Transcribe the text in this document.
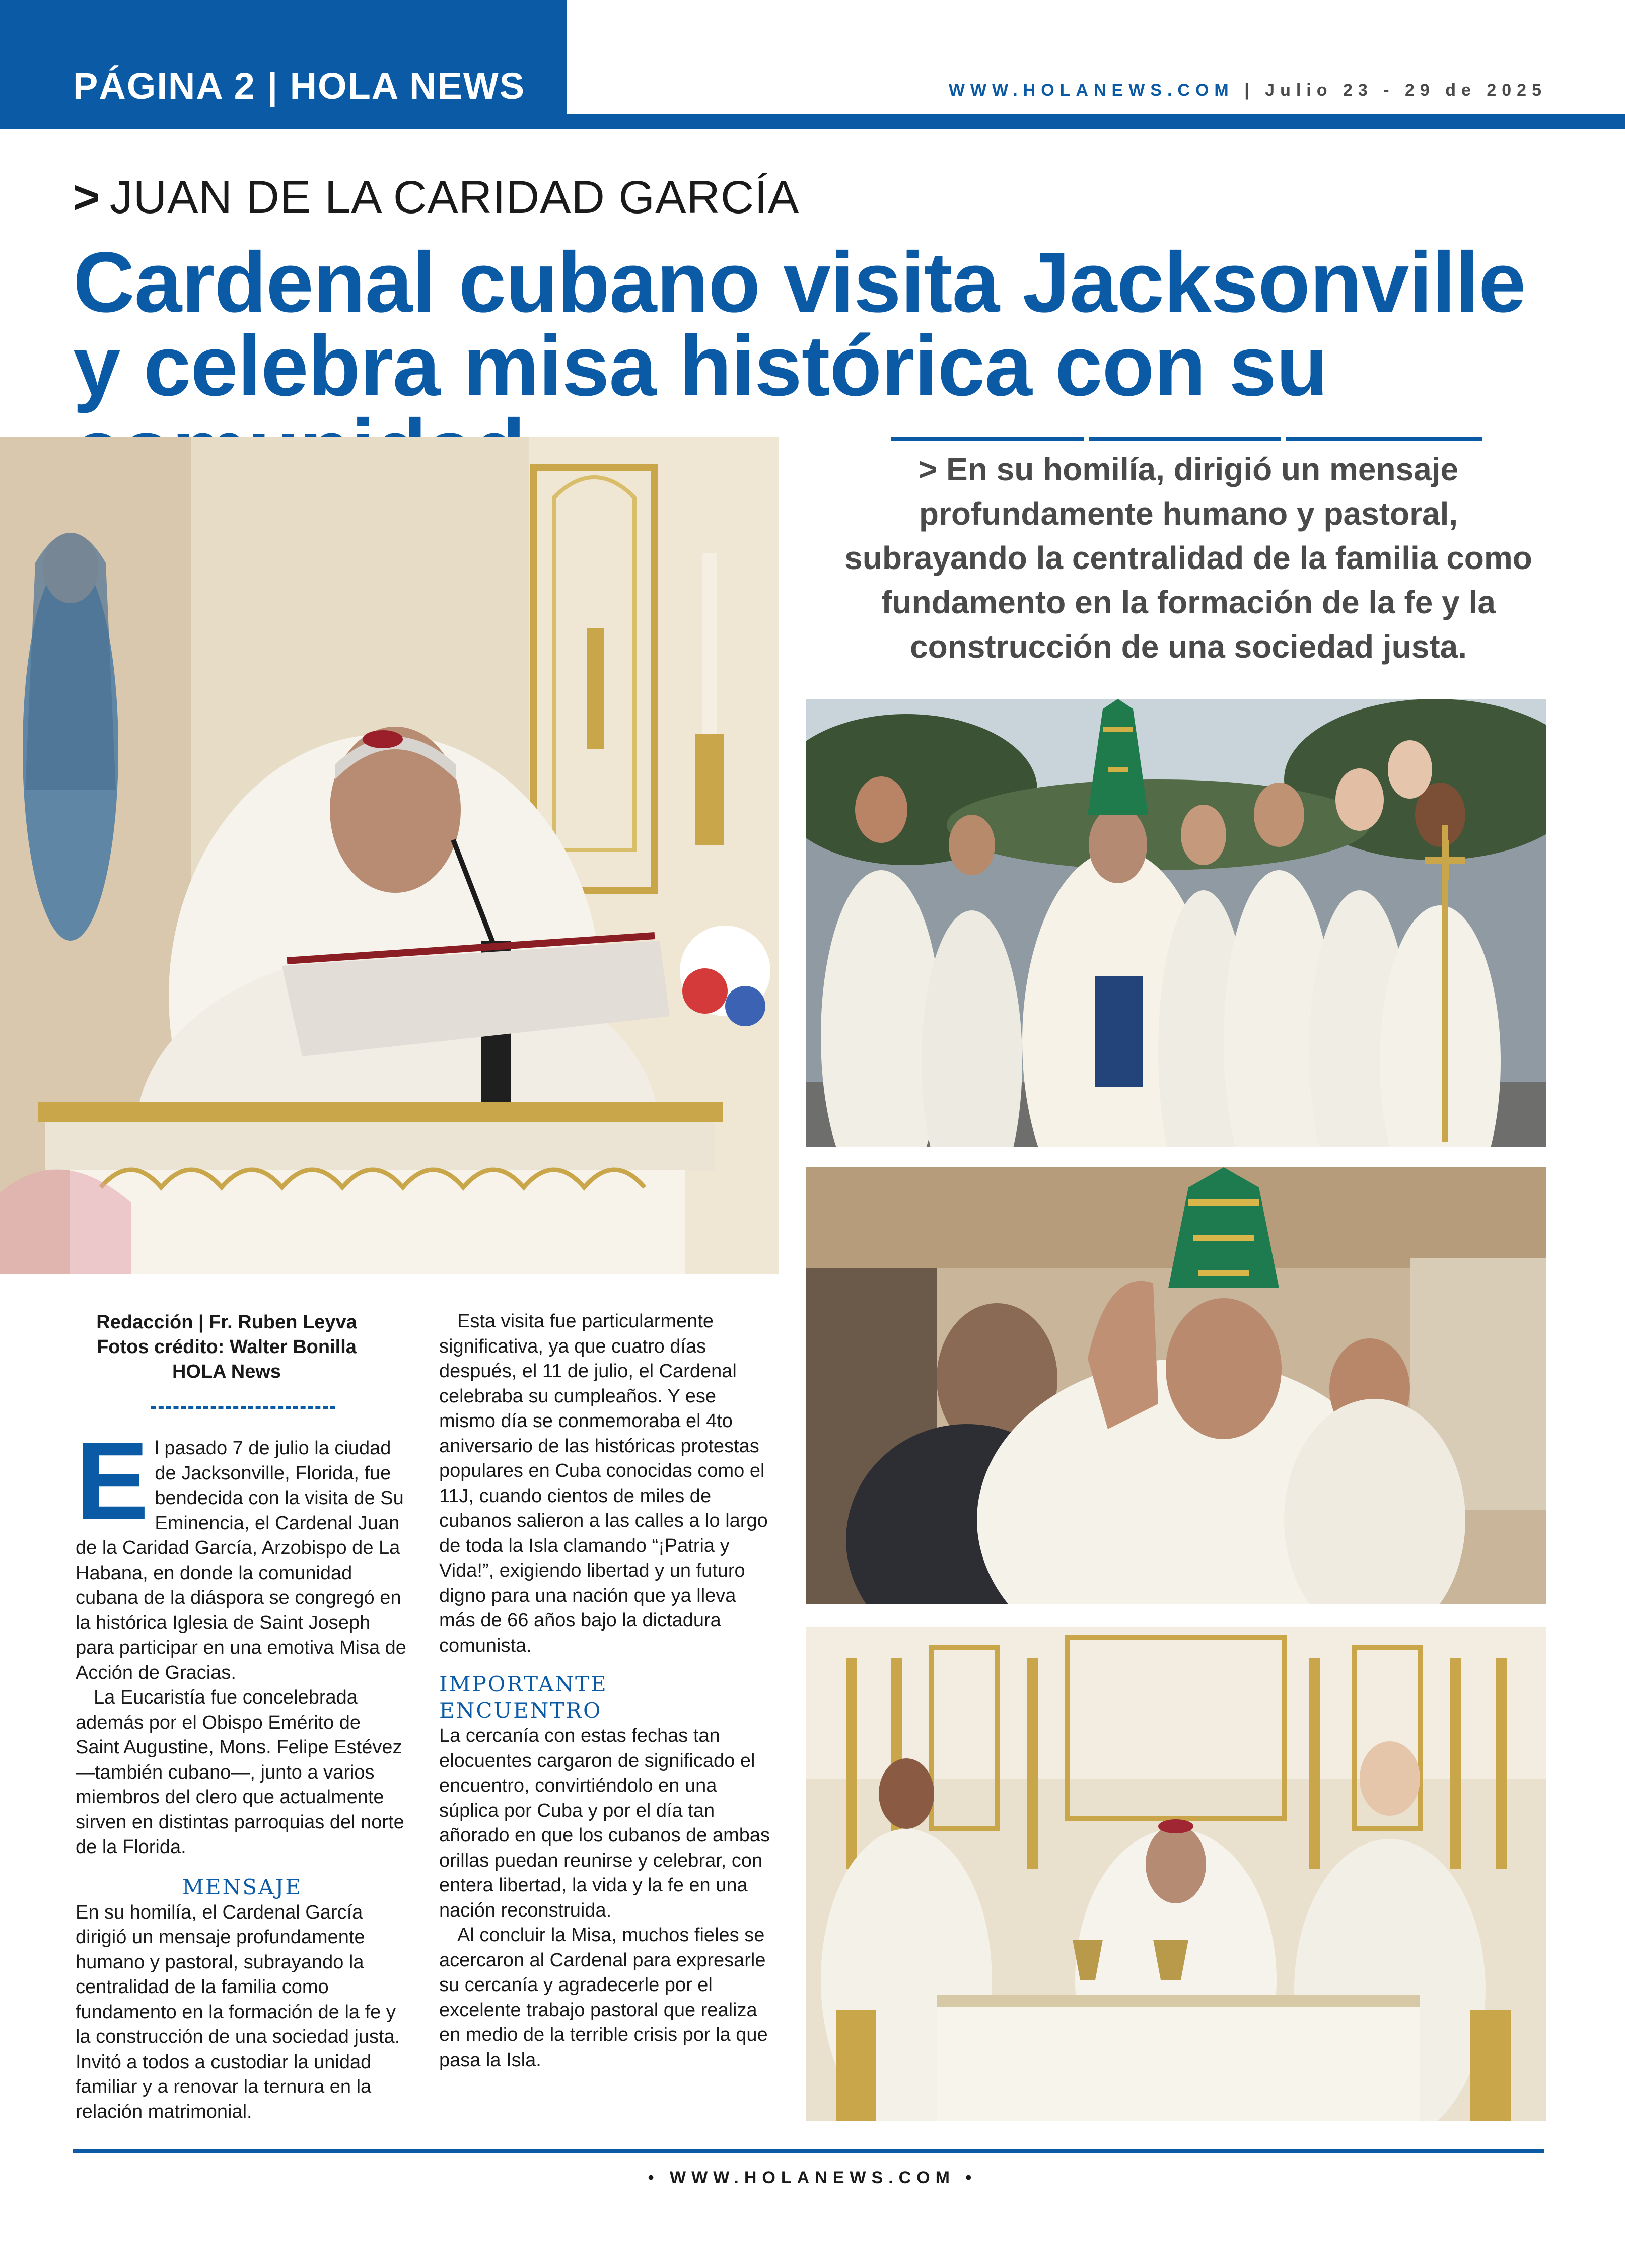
PÁGINA 2 | HOLA NEWS	WWW.HOLANEWS.COM | Julio 23 - 29 de 2025
> JUAN DE LA CARIDAD GARCÍA
Cardenal cubano visita Jacksonville y celebra misa histórica con su
> En su homilía, dirigió un mensaje profundamente humano y pastoral, subrayando la centralidad de la familia como fundamento en la formación de la fe y la construcción de una sociedad justa.
Redacción | Fr. Ruben Leyva
Fotos crédito: Walter Bonilla
HOLA News

El pasado 7 de julio la ciudad de Jacksonville, Florida, fue bendecida con la visita de Su Eminencia, el Cardenal Juan de la Caridad García, Arzobispo de La Habana, en donde la comunidad cubana de la diáspora se congregó en la histórica Iglesia de Saint Joseph para participar en una emotiva Misa de Acción de Gracias.

La Eucaristía fue concelebrada además por el Obispo Emérito de Saint Augustine, Mons. Felipe Estévez —también cubano—, junto a varios miembros del clero que actualmente sirven en distintas parroquias del norte de la Florida.

MENSAJE

En su homilía, el Cardenal García dirigió un mensaje profundamente humano y pastoral, subrayando la centralidad de la familia como fundamento en la formación de la fe y la construcción de una sociedad justa. Invitó a todos a custodiar la unidad familiar y a renovar la ternura en la relación matrimonial.

Esta visita fue particularmente significativa, ya que cuatro días después, el 11 de julio, el Cardenal celebraba su cumpleaños. Y ese mismo día se conmemoraba el 4to aniversario de las históricas protestas populares en Cuba conocidas como el 11J, cuando cientos de miles de cubanos salieron a las calles a lo largo de toda la Isla clamando “¡Patria y Vida!”, exigiendo libertad y un futuro digno para una nación que ya lleva más de 66 años bajo la dictadura comunista.

IMPORTANTE ENCUENTRO

La cercanía con estas fechas tan elocuentes cargaron de significado el encuentro, convirtiéndolo en una súplica por Cuba y por el día tan añorado en que los cubanos de ambas orillas puedan reunirse y celebrar, con entera libertad, la vida y la fe en una nación reconstruida.

Al concluir la Misa, muchos fieles se acercaron al Cardenal para expresarle su cercanía y agradecerle por el excelente trabajo pastoral que realiza en medio de la terrible crisis por la que pasa la Isla.

• WWW.HOLANEWS.COM •
